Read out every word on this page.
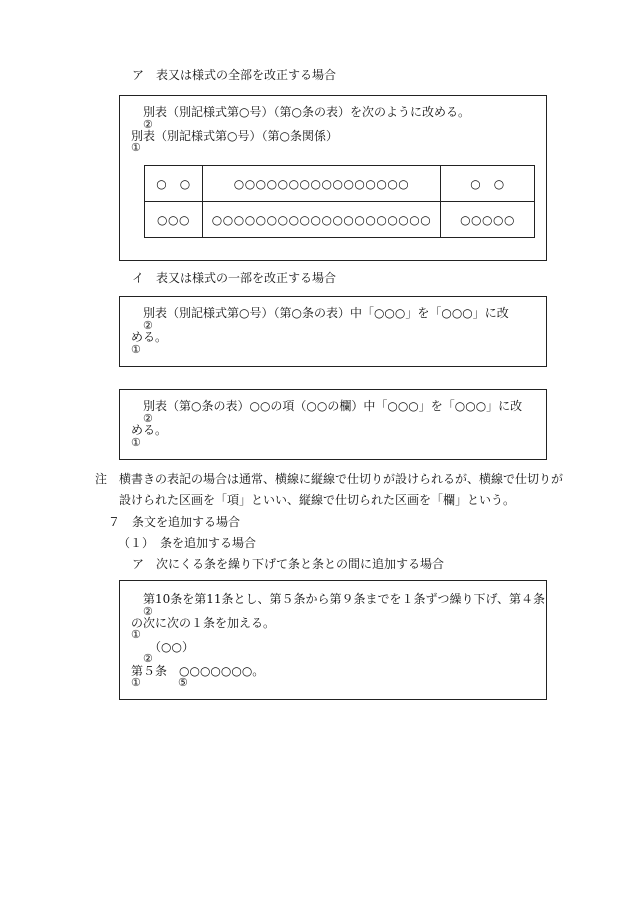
ア　表又は様式の全部を改正する場合
別表（別記様式第○号）（第○条の表）を次のように改める。
②
別表（別記様式第○号）（第○条関係）
①
○　○	○○○○○○○○○○○○○○○○	○　○
○○○	○○○○○○○○○○○○○○○○○○○○	○○○○○
イ　表又は様式の一部を改正する場合
別表（別記様式第○号）（第○条の表）中「○○○」を「○○○」に改
②
める。
①
別表（第○条の表）○○の項（○○の欄）中「○○○」を「○○○」に改
②
める。
①
注　横書きの表記の場合は通常、横線に縦線で仕切りが設けられるが、横線で仕切りが
設けられた区画を「項」といい、縦線で仕切られた区画を「欄」という。
７　条文を追加する場合
（１）　条を追加する場合
ア　次にくる条を繰り下げて条と条との間に追加する場合
第10条を第11条とし、第５条から第９条までを１条ずつ繰り下げ、第４条
②
の次に次の１条を加える。
①
（○○）
②
第５条　○○○○○○○。
①	⑤
